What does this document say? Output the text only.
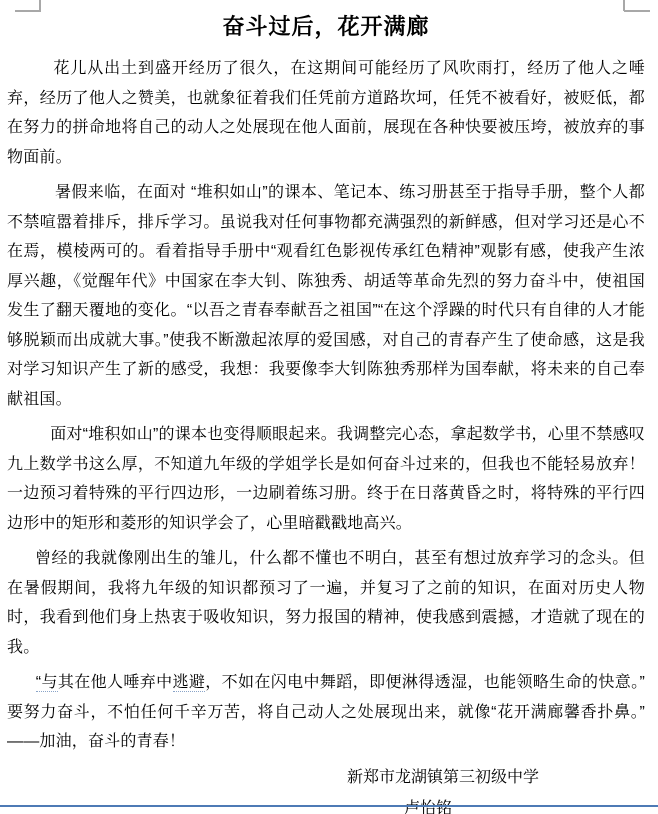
奋斗过后，花开满廊

花儿从出土到盛开经历了很久，在这期间可能经历了风吹雨打，经历了他人之唾弃，经历了他人之赞美，也就象征着我们任凭前方道路坎坷，任凭不被看好，被贬低，都在努力的拼命地将自己的动人之处展现在他人面前，展现在各种快要被压垮，被放弃的事物面前。

暑假来临，在面对 “堆积如山”的课本、笔记本、练习册甚至于指导手册，整个人都不禁喧嚣着排斥，排斥学习。虽说我对任何事物都充满强烈的新鲜感，但对学习还是心不在焉，模棱两可的。看着指导手册中“观看红色影视传承红色精神”观影有感，使我产生浓厚兴趣，《觉醒年代》中国家在李大钊、陈独秀、胡适等革命先烈的努力奋斗中，使祖国发生了翻天覆地的变化。“以吾之青春奉献吾之祖国”“在这个浮躁的时代只有自律的人才能够脱颖而出成就大事。”使我不断激起浓厚的爱国感，对自己的青春产生了使命感，这是我对学习知识产生了新的感受，我想：我要像李大钊陈独秀那样为国奉献，将未来的自己奉献祖国。

面对“堆积如山”的课本也变得顺眼起来。我调整完心态，拿起数学书，心里不禁感叹九上数学书这么厚，不知道九年级的学姐学长是如何奋斗过来的，但我也不能轻易放弃！一边预习着特殊的平行四边形，一边刷着练习册。终于在日落黄昏之时，将特殊的平行四边形中的矩形和菱形的知识学会了，心里暗戳戳地高兴。

曾经的我就像刚出生的雏儿，什么都不懂也不明白，甚至有想过放弃学习的念头。但在暑假期间，我将九年级的知识都预习了一遍，并复习了之前的知识，在面对历史人物时，我看到他们身上热衷于吸收知识，努力报国的精神，使我感到震撼，才造就了现在的我。

“与其在他人唾弃中逃避，不如在闪电中舞蹈，即便淋得透湿，也能领略生命的快意。” 要努力奋斗，不怕任何千辛万苦，将自己动人之处展现出来，就像“花开满廊馨香扑鼻。” ——加油，奋斗的青春！

新郑市龙湖镇第三初级中学
